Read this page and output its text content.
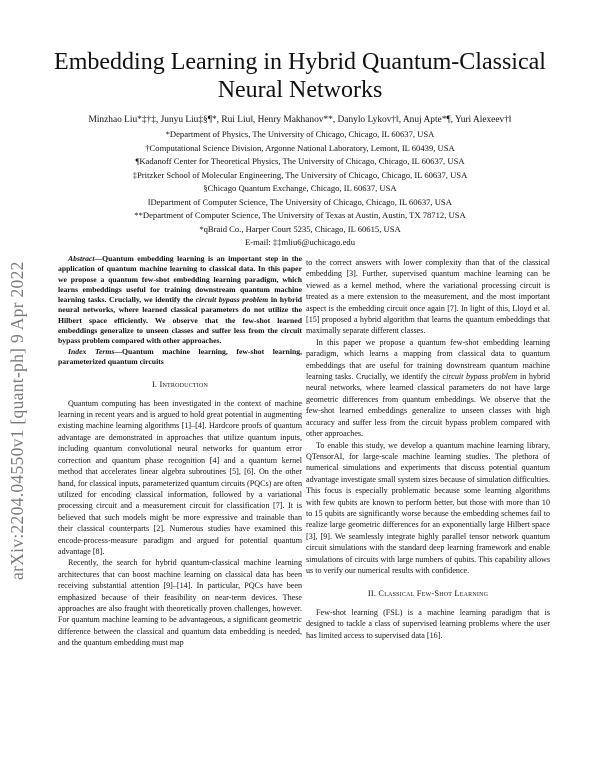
arXiv:2204.04550v1 [quant-ph] 9 Apr 2022
Embedding Learning in Hybrid Quantum-Classical
Neural Networks
Minzhao Liu*‡†‡, Junyu Liu‡§¶*, Rui Liu‖, Henry Makhanov**, Danylo Lykov†‖, Anuj Apte*¶, Yuri Alexeev†‖
*Department of Physics, The University of Chicago, Chicago, IL 60637, USA
†Computational Science Division, Argonne National Laboratory, Lemont, IL 60439, USA
¶Kadanoff Center for Theoretical Physics, The University of Chicago, Chicago, IL 60637, USA
‡Pritzker School of Molecular Engineering, The University of Chicago, Chicago, IL 60637, USA
§Chicago Quantum Exchange, Chicago, IL 60637, USA
‖Department of Computer Science, The University of Chicago, Chicago, IL 60637, USA
**Department of Computer Science, The University of Texas at Austin, Austin, TX 78712, USA
*qBraid Co., Harper Court 5235, Chicago, IL 60615, USA
E-mail: ‡‡mliu6@uchicago.edu

Abstract—Quantum embedding learning is an important step in the application of quantum machine learning to classical data. In this paper we propose a quantum few-shot embedding learning paradigm, which learns embeddings useful for training downstream quantum machine learning tasks. Crucially, we identify the circuit bypass problem in hybrid neural networks, where learned classical parameters do not utilize the Hilbert space efficiently. We observe that the few-shot learned embeddings generalize to unseen classes and suffer less from the circuit bypass problem compared with other approaches.

Index Terms—Quantum machine learning, few-shot learning, parameterized quantum circuits

I. Introduction

Quantum computing has been investigated in the context of machine learning in recent years and is argued to hold great potential in augmenting existing machine learning algorithms [1]–[4]. Hardcore proofs of quantum advantage are demonstrated in approaches that utilize quantum inputs, including quantum convolutional neural networks for quantum error correction and quantum phase recognition [4] and a quantum kernel method that accelerates linear algebra subroutines [5], [6]. On the other hand, for classical inputs, parameterized quantum circuits (PQCs) are often utilized for encoding classical information, followed by a variational processing circuit and a measurement circuit for classification [7]. It is believed that such models might be more expressive and trainable than their classical counterparts [2]. Numerous studies have examined this encode-process-measure paradigm and argued for potential quantum advantage [8].

Recently, the search for hybrid quantum-classical machine learning architectures that can boost machine learning on classical data has been receiving substantial attention [9]–[14]. In particular, PQCs have been emphasized because of their feasibility on near-term devices. These approaches are also fraught with theoretically proven challenges, however. For quantum machine learning to be advantageous, a significant geometric difference between the classical and quantum data embedding is needed, and the quantum embedding must map

to the correct answers with lower complexity than that of the classical embedding [3]. Further, supervised quantum machine learning can be viewed as a kernel method, where the variational processing circuit is treated as a mere extension to the measurement, and the most important aspect is the embedding circuit once again [7]. In light of this, Lloyd et al. [15] proposed a hybrid algorithm that learns the quantum embeddings that maximally separate different classes.

In this paper we propose a quantum few-shot embedding learning paradigm, which learns a mapping from classical data to quantum embeddings that are useful for training downstream quantum machine learning tasks. Crucially, we identify the circuit bypass problem in hybrid neural networks, where learned classical parameters do not have large geometric differences from quantum embeddings. We observe that the few-shot learned embeddings generalize to unseen classes with high accuracy and suffer less from the circuit bypass problem compared with other approaches.

To enable this study, we develop a quantum machine learning library, QTensorAI, for large-scale machine learning studies. The plethora of numerical simulations and experiments that discuss potential quantum advantage investigate small system sizes because of simulation difficulties. This focus is especially problematic because some learning algorithms with few qubits are known to perform better, but those with more than 10 to 15 qubits are significantly worse because the embedding schemes fail to realize large geometric differences for an exponentially large Hilbert space [3], [9]. We seamlessly integrate highly parallel tensor network quantum circuit simulations with the standard deep learning framework and enable simulations of circuits with large numbers of qubits. This capability allows us to verify our numerical results with confidence.

II. Classical Few-Shot Learning

Few-shot learning (FSL) is a machine learning paradigm that is designed to tackle a class of supervised learning problems where the user has limited access to supervised data [16].
